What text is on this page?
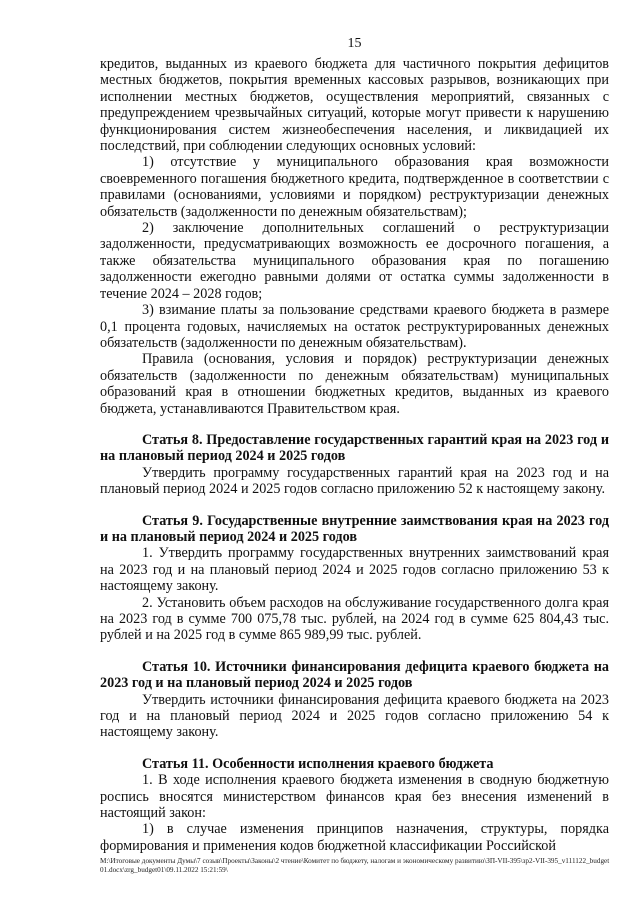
15

кредитов, выданных из краевого бюджета для частичного покрытия дефицитов местных бюджетов, покрытия временных кассовых разрывов, возникающих при исполнении местных бюджетов, осуществления мероприятий, связанных с предупреждением чрезвычайных ситуаций, которые могут привести к нарушению функционирования систем жизнеобеспечения населения, и ликвидацией их последствий, при соблюдении следующих основных условий:

1) отсутствие у муниципального образования края возможности своевременного погашения бюджетного кредита, подтвержденное в соответствии с правилами (основаниями, условиями и порядком) реструктуризации денежных обязательств (задолженности по денежным обязательствам);

2) заключение дополнительных соглашений о реструктуризации задолженности, предусматривающих возможность ее досрочного погашения, а также обязательства муниципального образования края по погашению задолженности ежегодно равными долями от остатка суммы задолженности в течение 2024 – 2028 годов;

3) взимание платы за пользование средствами краевого бюджета в размере 0,1 процента годовых, начисляемых на остаток реструктурированных денежных обязательств (задолженности по денежным обязательствам).

Правила (основания, условия и порядок) реструктуризации денежных обязательств (задолженности по денежным обязательствам) муниципальных образований края в отношении бюджетных кредитов, выданных из краевого бюджета, устанавливаются Правительством края.

Статья 8. Предоставление государственных гарантий края на 2023 год и на плановый период 2024 и 2025 годов

Утвердить программу государственных гарантий края на 2023 год и на плановый период 2024 и 2025 годов согласно приложению 52 к настоящему закону.

Статья 9. Государственные внутренние заимствования края на 2023 год и на плановый период 2024 и 2025 годов

1. Утвердить программу государственных внутренних заимствований края на 2023 год и на плановый период 2024 и 2025 годов согласно приложению 53 к настоящему закону.

2. Установить объем расходов на обслуживание государственного долга края на 2023 год в сумме 700 075,78 тыс. рублей, на 2024 год в сумме 625 804,43 тыс. рублей и на 2025 год в сумме 865 989,99 тыс. рублей.

Статья 10. Источники финансирования дефицита краевого бюджета на 2023 год и на плановый период 2024 и 2025 годов

Утвердить источники финансирования дефицита краевого бюджета на 2023 год и на плановый период 2024 и 2025 годов согласно приложению 54 к настоящему закону.

Статья 11. Особенности исполнения краевого бюджета

1. В ходе исполнения краевого бюджета изменения в сводную бюджетную роспись вносятся министерством финансов края без внесения изменений в настоящий закон:

1) в случае изменения принципов назначения, структуры, порядка формирования и применения кодов бюджетной классификации Российской

М:\Итоговые документы Думы\7 созыв\Проекты\Законы\2 чтение\Комитет по бюджету, налогам и экономическому развитию\ЗП-VII-395\зр2-VII-395_v111122_budget01.docx\zrg_budget01\09.11.2022 15:21:59\
